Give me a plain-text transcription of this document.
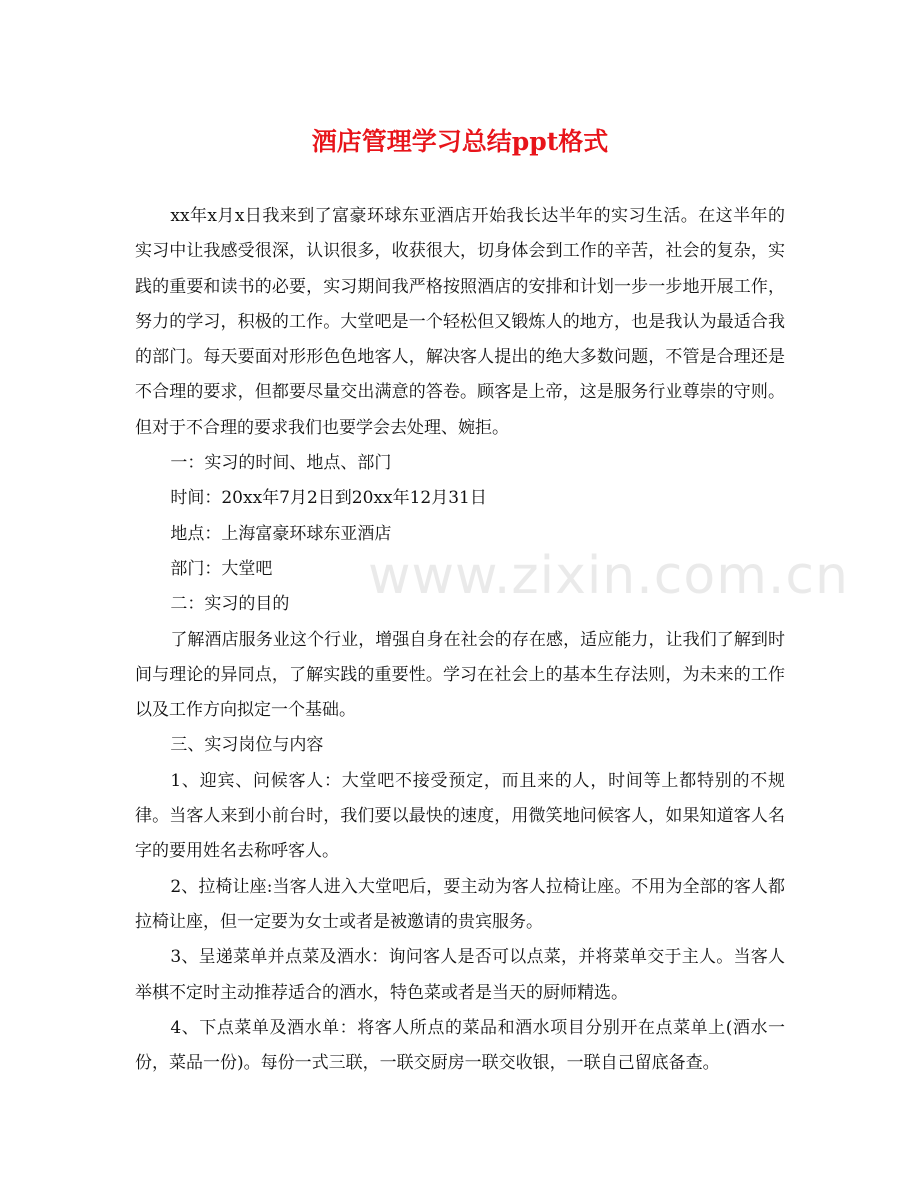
酒店管理学习总结ppt格式

xx年x月x日我来到了富豪环球东亚酒店开始我长达半年的实习生活。在这半年的实习中让我感受很深，认识很多，收获很大，切身体会到工作的辛苦，社会的复杂，实践的重要和读书的必要，实习期间我严格按照酒店的安排和计划一步一步地开展工作，努力的学习，积极的工作。大堂吧是一个轻松但又锻炼人的地方，也是我认为最适合我的部门。每天要面对形形色色地客人，解决客人提出的绝大多数问题，不管是合理还是不合理的要求，但都要尽量交出满意的答卷。顾客是上帝，这是服务行业尊崇的守则。但对于不合理的要求我们也要学会去处理、婉拒。

一：实习的时间、地点、部门

时间：20xx年7月2日到20xx年12月31日

地点：上海富豪环球东亚酒店

部门：大堂吧

二：实习的目的

了解酒店服务业这个行业，增强自身在社会的存在感，适应能力，让我们了解到时间与理论的异同点，了解实践的重要性。学习在社会上的基本生存法则，为未来的工作以及工作方向拟定一个基础。

三、实习岗位与内容

1、迎宾、问候客人：大堂吧不接受预定，而且来的人，时间等上都特别的不规律。当客人来到小前台时，我们要以最快的速度，用微笑地问候客人，如果知道客人名字的要用姓名去称呼客人。

2、拉椅让座:当客人进入大堂吧后，要主动为客人拉椅让座。不用为全部的客人都拉椅让座，但一定要为女士或者是被邀请的贵宾服务。

3、呈递菜单并点菜及酒水：询问客人是否可以点菜，并将菜单交于主人。当客人举棋不定时主动推荐适合的酒水，特色菜或者是当天的厨师精选。

4、下点菜单及酒水单：将客人所点的菜品和酒水项目分别开在点菜单上(酒水一份，菜品一份)。每份一式三联，一联交厨房一联交收银，一联自己留底备查。

www.zixin.com.cn
